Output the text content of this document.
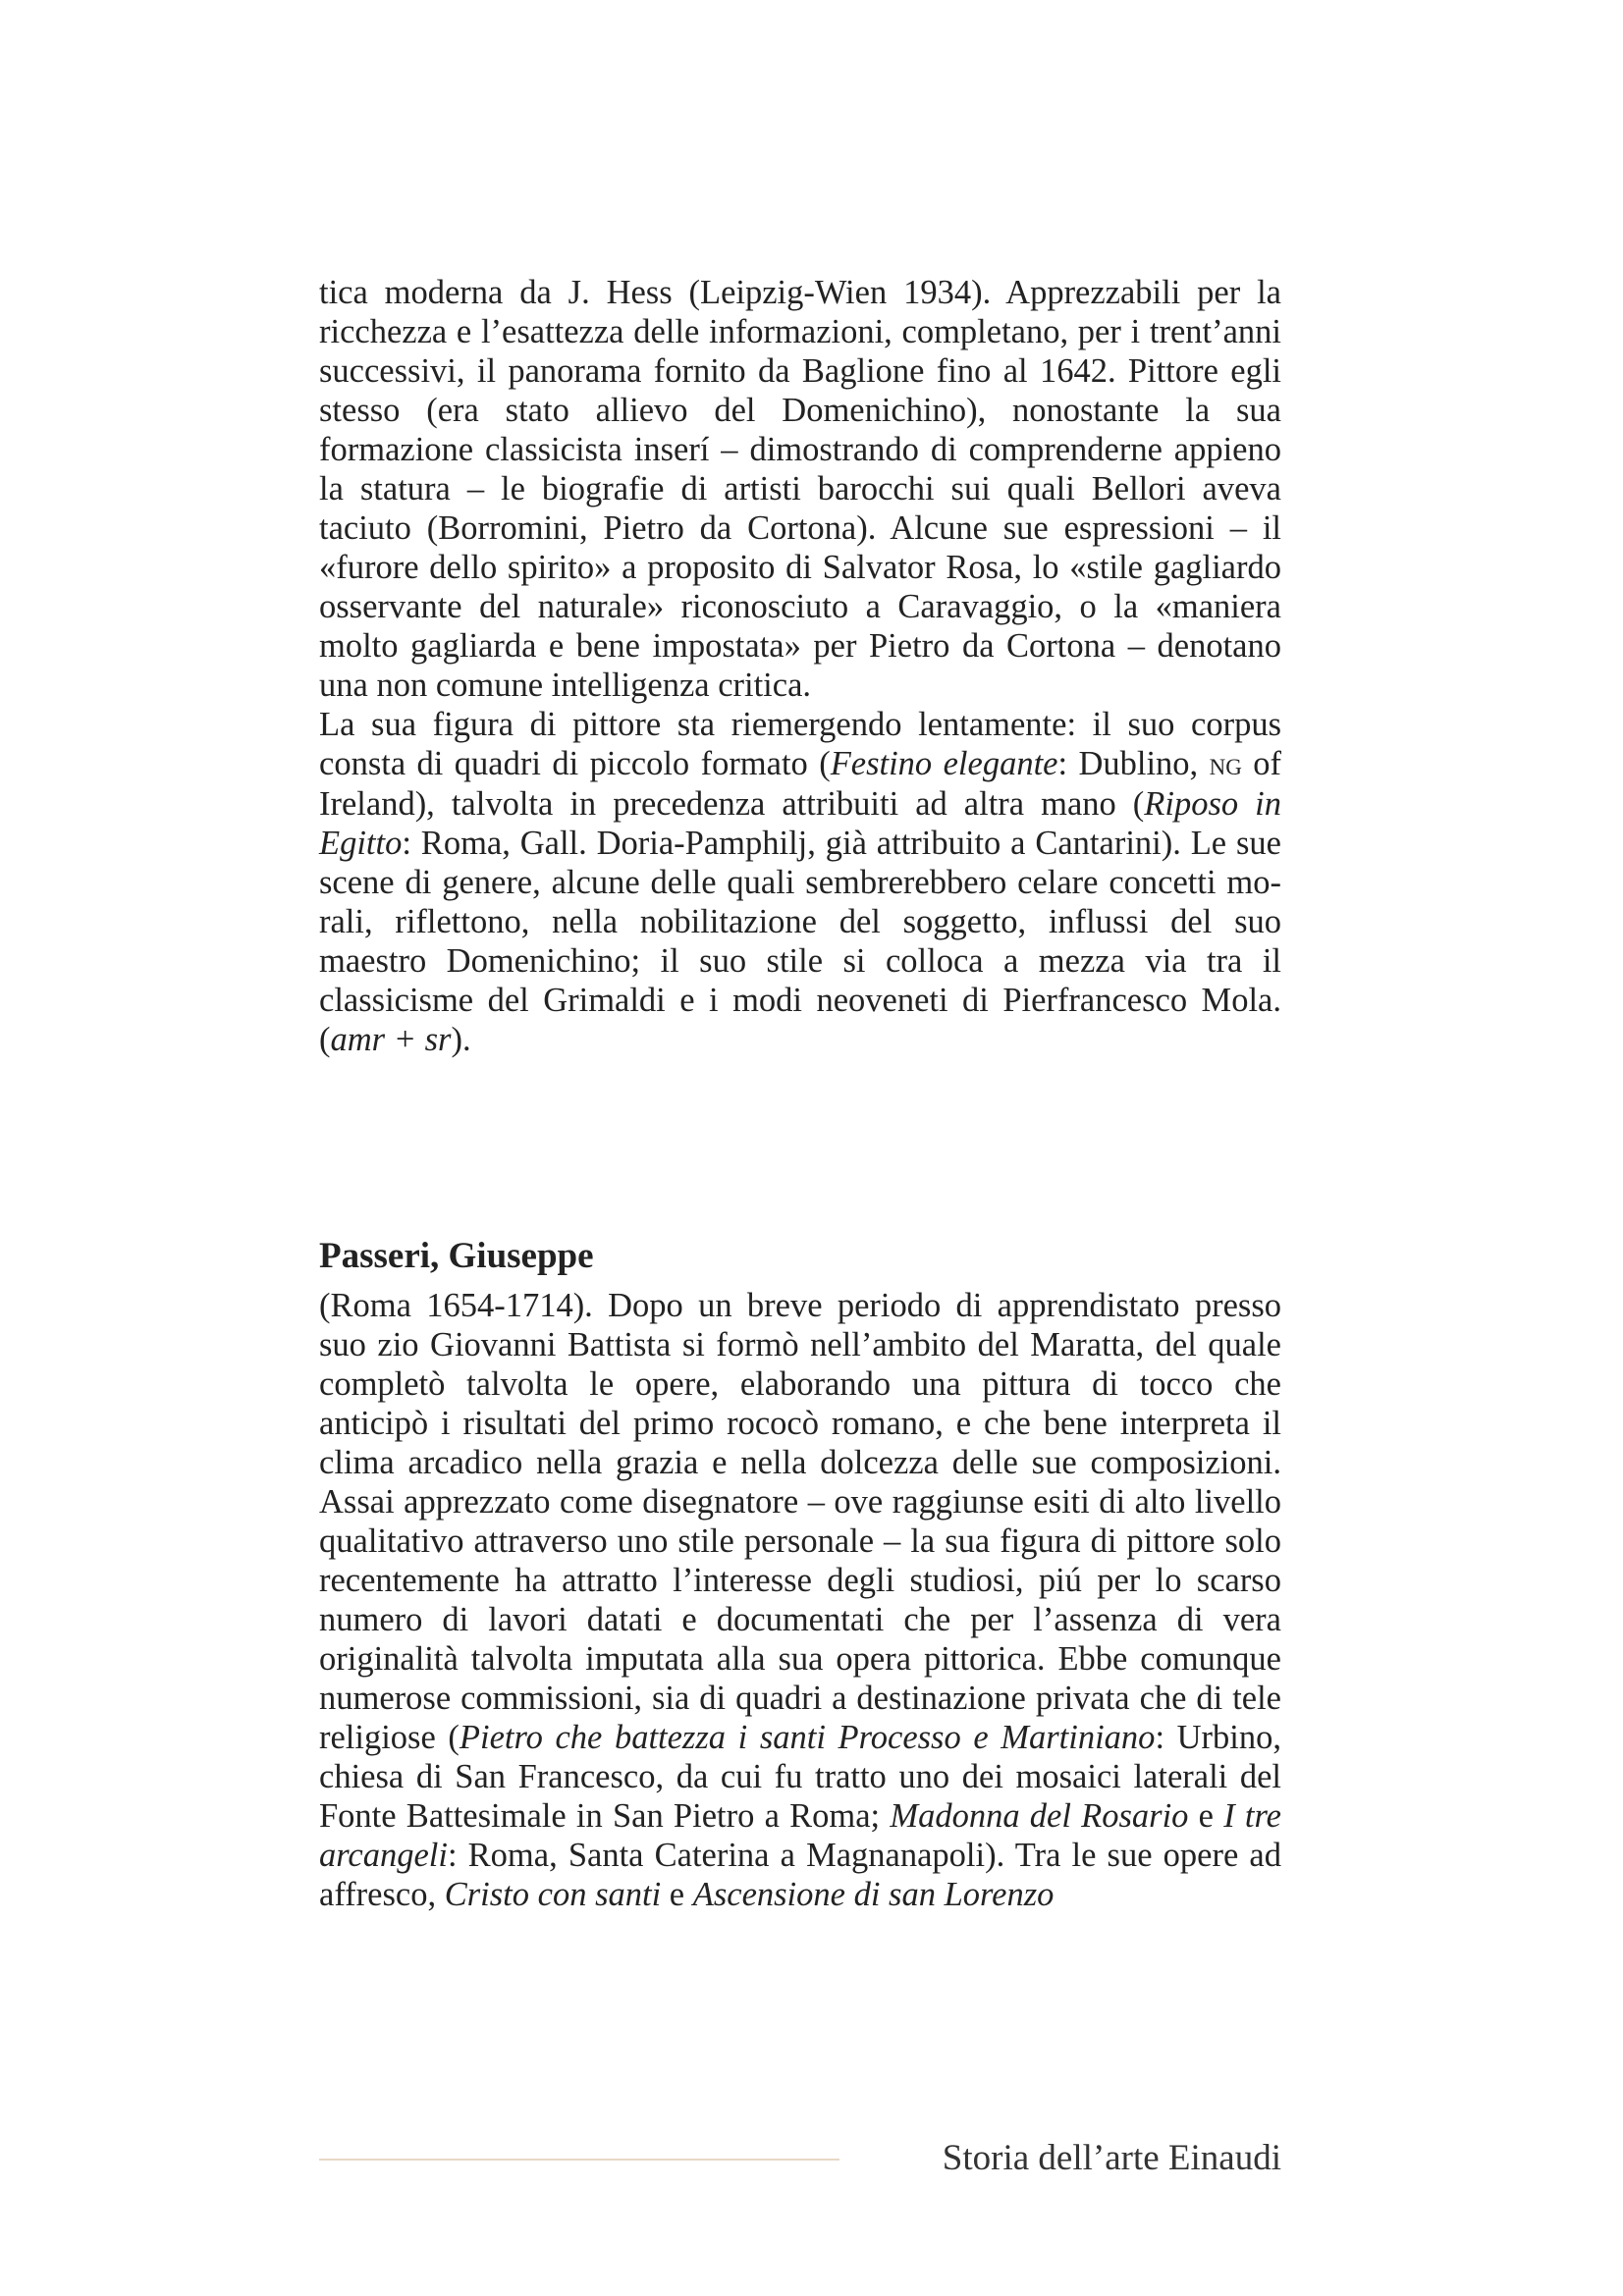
tica moderna da J. Hess (Leipzig-Wien 1934). Apprezzabili per la ricchezza e l’esattezza delle informazioni, completano, per i trent’anni successivi, il panorama fornito da Baglione fino al 1642. Pittore egli stesso (era stato allievo del Domenichino), nonostante la sua formazione classicista inserí – dimostrando di comprenderne appieno la statura – le biografie di artisti barocchi sui quali Bellori aveva taciuto (Borromini, Pietro da Cortona). Alcune sue espressioni – il «furore dello spirito» a proposito di Salvator Rosa, lo «stile gagliardo osservante del naturale» riconosciuto a Caravaggio, o la «maniera molto gagliarda e bene impostata» per Pietro da Cortona – denotano una non comune intelligenza critica.

La sua figura di pittore sta riemergendo lentamente: il suo corpus consta di quadri di piccolo formato (Festino elegante: Dublino, ng of Ireland), talvolta in precedenza attribuiti ad altra mano (Riposo in Egitto: Roma, Gall. Doria-Pamphilj, già attribuito a Cantarini). Le sue scene di genere, alcune delle quali sembrerebbero celare concetti morali, riflettono, nella nobilitazione del soggetto, influssi del suo maestro Domenichino; il suo stile si colloca a mezza via tra il classicisme del Grimaldi e i modi neoveneti di Pierfrancesco Mola. (amr + sr).

Passeri, Giuseppe

(Roma 1654-1714). Dopo un breve periodo di apprendistato presso suo zio Giovanni Battista si formò nell’ambito del Maratta, del quale completò talvolta le opere, elaborando una pittura di tocco che anticipò i risultati del primo rococò romano, e che bene interpreta il clima arcadico nella grazia e nella dolcezza delle sue composizioni. Assai apprezzato come disegnatore – ove raggiunse esiti di alto livello qualitativo attraverso uno stile personale – la sua figura di pittore solo recentemente ha attratto l’interesse degli studiosi, piú per lo scarso numero di lavori datati e documentati che per l’assenza di vera originalità talvolta imputata alla sua opera pittorica. Ebbe comunque numerose commissioni, sia di quadri a destinazione privata che di tele religiose (Pietro che battezza i santi Processo e Martiniano: Urbino, chiesa di San Francesco, da cui fu tratto uno dei mosaici laterali del Fonte Battesimale in San Pietro a Roma; Madonna del Rosario e I tre arcangeli: Roma, Santa Caterina a Magnanapoli). Tra le sue opere ad affresco, Cristo con santi e Ascensione di san Lorenzo

Storia dell’arte Einaudi
